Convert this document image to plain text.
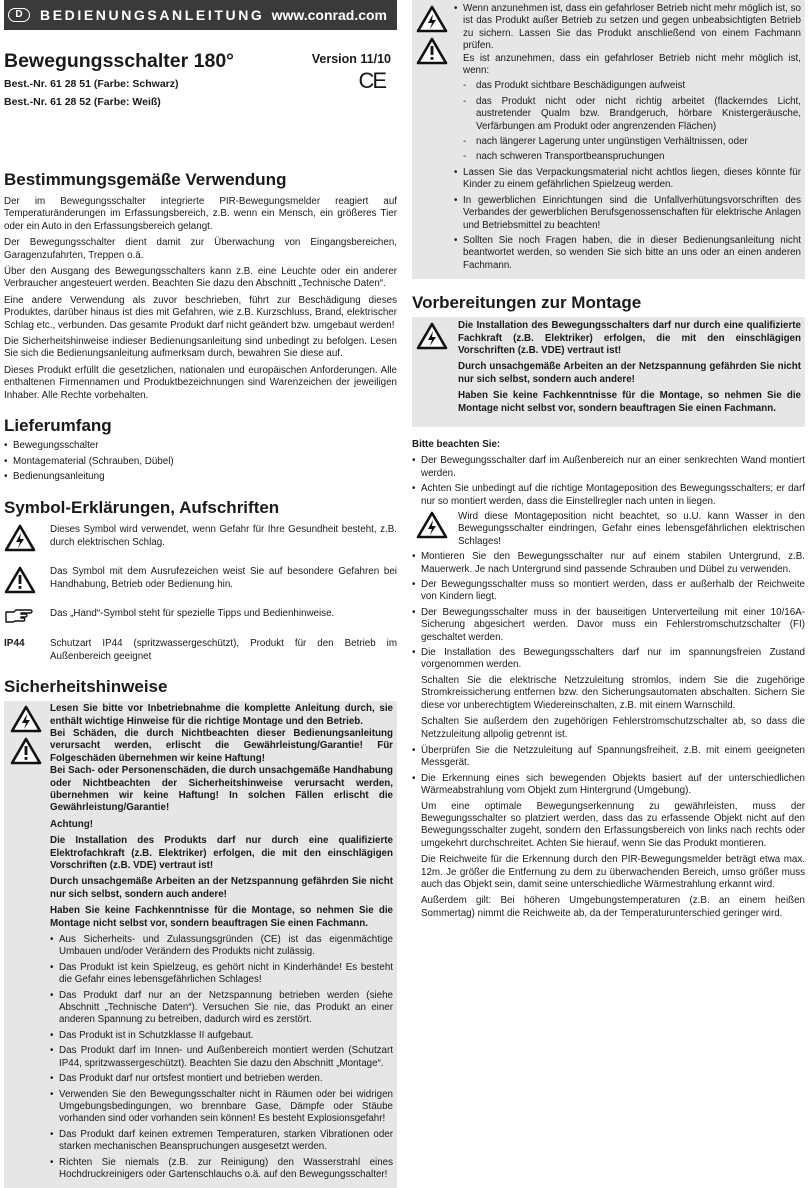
D	BEDIENUNGSANLEITUNG www.conrad.com
Bewegungsschalter 180°	Version 11/10
CE
Best.-Nr. 61 28 51 (Farbe: Schwarz)
Best.-Nr. 61 28 52 (Farbe: Weiß)
Bestimmungsgemäße Verwendung

Der im Bewegungsschalter integrierte PIR-Bewegungsmelder reagiert auf Temperaturänderungen im Erfassungsbereich, z.B. wenn ein Mensch, ein größeres Tier oder ein Auto in den Erfassungsbereich gelangt.

Der Bewegungsschalter dient damit zur Überwachung von Eingangsbereichen, Garagenzufahrten, Treppen o.ä.

Über den Ausgang des Bewegungsschalters kann z.B. eine Leuchte oder ein anderer Verbraucher angesteuert werden. Beachten Sie dazu den Abschnitt „Technische Daten“.

Eine andere Verwendung als zuvor beschrieben, führt zur Beschädigung dieses Produktes, darüber hinaus ist dies mit Gefahren, wie z.B. Kurzschluss, Brand, elektrischer Schlag etc., verbunden. Das gesamte Produkt darf nicht geändert bzw. umgebaut werden!

Die Sicherheitshinweise indieser Bedienungsanleitung sind unbedingt zu befolgen. Lesen Sie sich die Bedienungsanleitung aufmerksam durch, bewahren Sie diese auf.

Dieses Produkt erfüllt die gesetzlichen, nationalen und europäischen Anforderungen. Alle enthaltenen Firmennamen und Produktbezeichnungen sind Warenzeichen der jeweiligen Inhaber. Alle Rechte vorbehalten.

Lieferumfang
• Bewegungsschalter
• Montagematerial (Schrauben, Dübel)
• Bedienungsanleitung
Symbol-Erklärungen, Aufschriften

Dieses Symbol wird verwendet, wenn Gefahr für Ihre Gesundheit besteht, z.B. durch elektrischen Schlag.

Das Symbol mit dem Ausrufezeichen weist Sie auf besondere Gefahren bei Handhabung, Betrieb oder Bedienung hin.

Das „Hand“-Symbol steht für spezielle Tipps und Bedienhinweise.

IP44	Schutzart IP44 (spritzwassergeschützt), Produkt für den Betrieb im Außenbereich geeignet

Sicherheitshinweise

Lesen Sie bitte vor Inbetriebnahme die komplette Anleitung durch, sie enthält wichtige Hinweise für die richtige Montage und den Betrieb.

Bei Schäden, die durch Nichtbeachten dieser Bedienungsanleitung verursacht werden, erlischt die Gewährleistung/Garantie! Für Folgeschäden übernehmen wir keine Haftung!

Bei Sach- oder Personenschäden, die durch unsachgemäße Handhabung oder Nichtbeachten der Sicherheitshinweise verursacht werden, übernehmen wir keine Haftung! In solchen Fällen erlischt die Gewährleistung/Garantie!

Achtung!

Die Installation des Produkts darf nur durch eine qualifizierte Elektrofachkraft (z.B. Elektriker) erfolgen, die mit den einschlägigen Vorschriften (z.B. VDE) vertraut ist!

Durch unsachgemäße Arbeiten an der Netzspannung gefährden Sie nicht nur sich selbst, sondern auch andere!

Haben Sie keine Fachkenntnisse für die Montage, so nehmen Sie die Montage nicht selbst vor, sondern beauftragen Sie einen Fachmann.

• Aus Sicherheits- und Zulassungsgründen (CE) ist das eigenmächtige Umbauen und/oder Verändern des Produkts nicht zulässig.
• Das Produkt ist kein Spielzeug, es gehört nicht in Kinderhände! Es besteht die Gefahr eines lebensgefährlichen Schlages!
• Das Produkt darf nur an der Netzspannung betrieben werden (siehe Abschnitt „Technische Daten“). Versuchen Sie nie, das Produkt an einer anderen Spannung zu betreiben, dadurch wird es zerstört.
• Das Produkt ist in Schutzklasse II aufgebaut.
• Das Produkt darf im Innen- und Außenbereich montiert werden (Schutzart IP44, spritzwassergeschützt). Beachten Sie dazu den Abschnitt „Montage“.
• Das Produkt darf nur ortsfest montiert und betrieben werden.
• Verwenden Sie den Bewegungsschalter nicht in Räumen oder bei widrigen Umgebungsbedingungen, wo brennbare Gase, Dämpfe oder Stäube vorhanden sind oder vorhanden sein können! Es besteht Explosionsgefahr!
• Das Produkt darf keinen extremen Temperaturen, starken Vibrationen oder starken mechanischen Beanspruchungen ausgesetzt werden.
• Richten Sie niemals (z.B. zur Reinigung) den Wasserstrahl eines Hochdruckreinigers oder Gartenschlauchs o.ä. auf den Bewegungsschalter!
• Wenn anzunehmen ist, dass ein gefahrloser Betrieb nicht mehr möglich ist, so ist das Produkt außer Betrieb zu setzen und gegen unbeabsichtigten Betrieb zu sichern. Lassen Sie das Produkt anschließend von einem Fachmann prüfen.

Es ist anzunehmen, dass ein gefahrloser Betrieb nicht mehr möglich ist, wenn:

- das Produkt sichtbare Beschädigungen aufweist
- das Produkt nicht oder nicht richtig arbeitet (flackerndes Licht, austretender Qualm bzw. Brandgeruch, hörbare Knistergeräusche, Verfärbungen am Produkt oder angrenzenden Flächen)
- nach längerer Lagerung unter ungünstigen Verhältnissen, oder
- nach schweren Transportbeanspruchungen
• Lassen Sie das Verpackungsmaterial nicht achtlos liegen, dieses könnte für Kinder zu einem gefährlichen Spielzeug werden.
• In gewerblichen Einrichtungen sind die Unfallverhütungsvorschriften des Verbandes der gewerblichen Berufsgenossenschaften für elektrische Anlagen und Betriebsmittel zu beachten!
• Sollten Sie noch Fragen haben, die in dieser Bedienungsanleitung nicht beantwortet werden, so wenden Sie sich bitte an uns oder an einen anderen Fachmann.
Vorbereitungen zur Montage

Die Installation des Bewegungsschalters darf nur durch eine qualifizierte Fachkraft (z.B. Elektriker) erfolgen, die mit den einschlägigen Vorschriften (z.B. VDE) vertraut ist!

Durch unsachgemäße Arbeiten an der Netzspannung gefährden Sie nicht nur sich selbst, sondern auch andere!

Haben Sie keine Fachkenntnisse für die Montage, so nehmen Sie die Montage nicht selbst vor, sondern beauftragen Sie einen Fachmann.

Bitte beachten Sie:

• Der Bewegungsschalter darf im Außenbereich nur an einer senkrechten Wand montiert werden.
• Achten Sie unbedingt auf die richtige Montageposition des Bewegungsschalters; er darf nur so montiert werden, dass die Einstellregler nach unten in liegen.

Wird diese Montageposition nicht beachtet, so u.U. kann Wasser in den Bewegungsschalter eindringen, Gefahr eines lebensgefährlichen elektrischen Schlages!

• Montieren Sie den Bewegungsschalter nur auf einem stabilen Untergrund, z.B. Mauerwerk. Je nach Untergrund sind passende Schrauben und Dübel zu verwenden.
• Der Bewegungsschalter muss so montiert werden, dass er außerhalb der Reichweite von Kindern liegt.
• Der Bewegungsschalter muss in der bauseitigen Unterverteilung mit einer 10/16A-Sicherung abgesichert werden. Davor muss ein Fehlerstromschutzschalter (FI) geschaltet werden.
• Die Installation des Bewegungsschalters darf nur im spannungsfreien Zustand vorgenommen werden.

Schalten Sie die elektrische Netzzuleitung stromlos, indem Sie die zugehörige Stromkreissicherung entfernen bzw. den Sicherungsautomaten abschalten. Sichern Sie diese vor unberechtigtem Wiedereinschalten, z.B. mit einem Warnschild.

Schalten Sie außerdem den zugehörigen Fehlerstromschutzschalter ab, so dass die Netzzuleitung allpolig getrennt ist.

• Überprüfen Sie die Netzzuleitung auf Spannungsfreiheit, z.B. mit einem geeigneten Messgerät.
• Die Erkennung eines sich bewegenden Objekts basiert auf der unterschiedlichen Wärmeabstrahlung vom Objekt zum Hintergrund (Umgebung).

Um eine optimale Bewegungserkennung zu gewährleisten, muss der Bewegungsschalter so platziert werden, dass das zu erfassende Objekt nicht auf den Bewegungsschalter zugeht, sondern den Erfassungsbereich von links nach rechts oder umgekehrt durchschreitet. Achten Sie hierauf, wenn Sie das Produkt montieren.

Die Reichweite für die Erkennung durch den PIR-Bewegungsmelder beträgt etwa max. 12m. Je größer die Entfernung zu dem zu überwachenden Bereich, umso größer muss auch das Objekt sein, damit seine unterschiedliche Wärmestrahlung erkannt wird.

Außerdem gilt: Bei höheren Umgebungstemperaturen (z.B. an einem heißen Sommertag) nimmt die Reichweite ab, da der Temperaturunterschied geringer wird.
